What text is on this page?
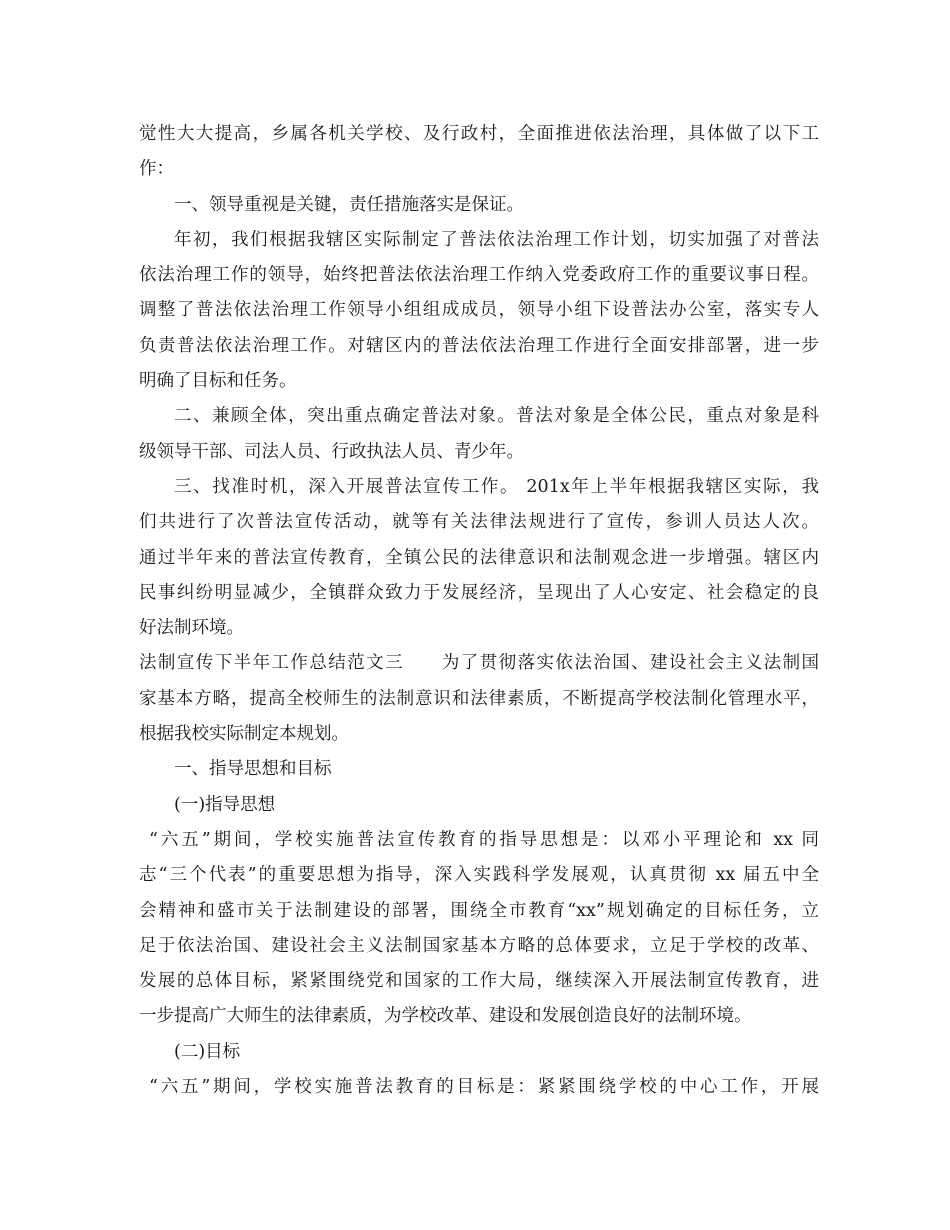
觉性大大提高，乡属各机关学校、及行政村，全面推进依法治理，具体做了以下工
作：
一、领导重视是关键，责任措施落实是保证。
年初，我们根据我辖区实际制定了普法依法治理工作计划，切实加强了对普法
依法治理工作的领导，始终把普法依法治理工作纳入党委政府工作的重要议事日程。
调整了普法依法治理工作领导小组组成成员，领导小组下设普法办公室，落实专人
负责普法依法治理工作。对辖区内的普法依法治理工作进行全面安排部署，进一步
明确了目标和任务。
二、兼顾全体，突出重点确定普法对象。普法对象是全体公民，重点对象是科
级领导干部、司法人员、行政执法人员、青少年。
三、找准时机，深入开展普法宣传工作。 201x年上半年根据我辖区实际，我
们共进行了次普法宣传活动，就等有关法律法规进行了宣传，参训人员达人次。
通过半年来的普法宣传教育，全镇公民的法律意识和法制观念进一步增强。辖区内
民事纠纷明显减少，全镇群众致力于发展经济，呈现出了人心安定、社会稳定的良
好法制环境。
法制宣传下半年工作总结范文三　　为了贯彻落实依法治国、建设社会主义法制国
家基本方略，提高全校师生的法制意识和法律素质，不断提高学校法制化管理水平，
根据我校实际制定本规划。
一、指导思想和目标
(一)指导思想
“六五”期间，学校实施普法宣传教育的指导思想是：以邓小平理论和 xx 同
志“三个代表”的重要思想为指导，深入实践科学发展观，认真贯彻 xx 届五中全
会精神和盛市关于法制建设的部署，围绕全市教育“xx”规划确定的目标任务，立
足于依法治国、建设社会主义法制国家基本方略的总体要求，立足于学校的改革、
发展的总体目标，紧紧围绕党和国家的工作大局，继续深入开展法制宣传教育，进
一步提高广大师生的法律素质，为学校改革、建设和发展创造良好的法制环境。
(二)目标
“六五”期间，学校实施普法教育的目标是：紧紧围绕学校的中心工作，开展
